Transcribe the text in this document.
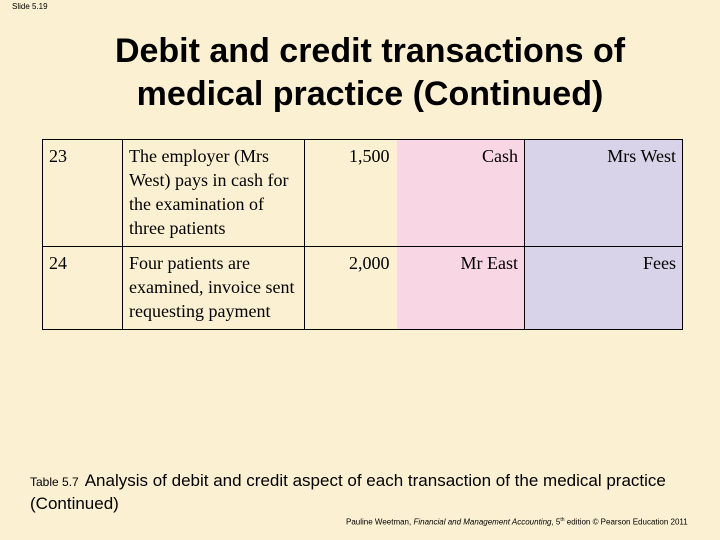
Slide 5.19
Debit and credit transactions of
medical practice (Continued)
23	The employer (Mrs West) pays in cash for the examination of three patients	1,500	Cash	Mrs West
24	Four patients are examined, invoice sent requesting payment	2,000	Mr East	Fees
Table 5.7 Analysis of debit and credit aspect of each transaction of the medical practice (Continued)
Pauline Weetman, Financial and Management Accounting, 5th edition © Pearson Education 2011
